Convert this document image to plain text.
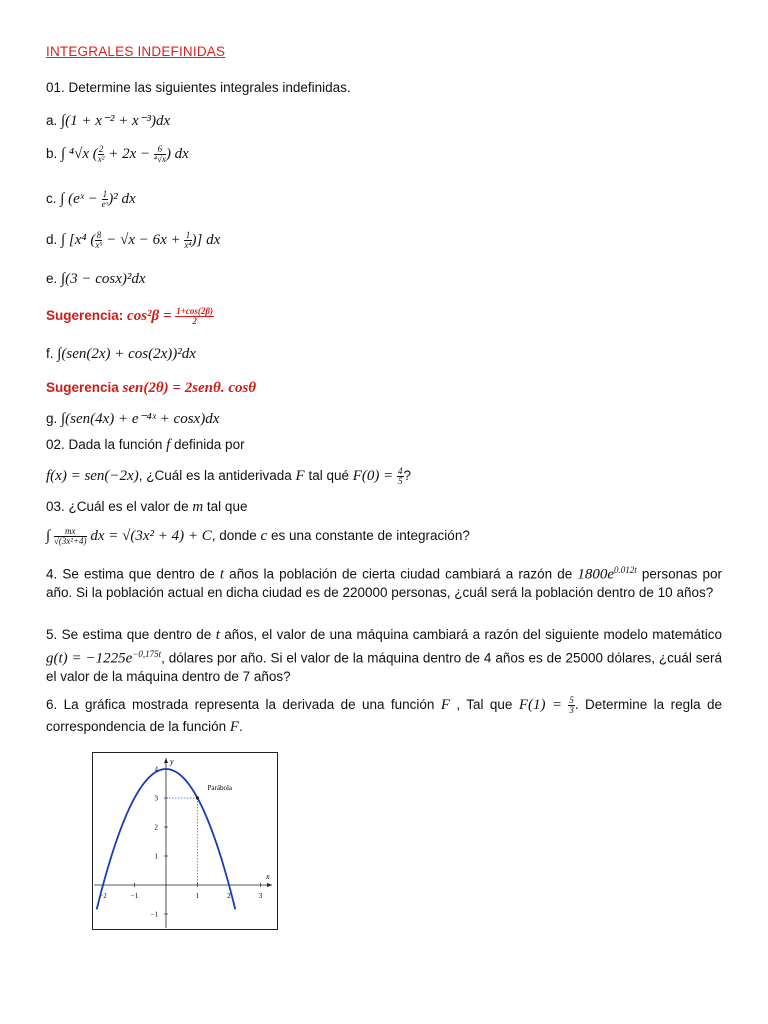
INTEGRALES INDEFINIDAS
01. Determine las siguientes integrales indefinidas.
a. ∫(1 + x⁻² + x⁻³)dx
b. ∫ ⁴√x ( $\frac{2}{\text{x²}} + 2x - \frac{6}{\text{⁴√x}}$ ) dx
c. ∫ (eˣ − $\frac{1}{\text{eˣ}} )^2$ dx
d. ∫ [x⁴ ( $\frac{8}{\text{x⁵}} - √x - 6x + \frac{1}{\text{x⁴}}$ )] dx
e. ∫(3 − cosx)²dx
Sugerencia: $\cos^2\beta = \frac{1+\cos(2\beta)}{2}$
f. ∫(sen(2x) + cos(2x))²dx
Sugerencia sen(2θ) = 2senθ. cosθ
g. ∫(sen(4x) + e⁻⁴ˣ + cosx)dx
02. Dada la función f definida por
f(x) = sen(−2x), ¿Cuál es la antiderivada F tal qué $F(0) = \frac{4}{5}$ ?
03. ¿Cuál es el valor de m tal que
∫ $\frac{mx}{\text{√(3x²+4)}}$ dx = √(3x² + 4) + C, donde c es una constante de integración?
4. Se estima que dentro de t años la población de cierta ciudad cambiará a razón de $1800e^{0.012t}$ personas por año. Si la población actual en dicha ciudad es de 220000 personas, ¿cuál será la población dentro de 10 años?
5. Se estima que dentro de t años, el valor de una máquina cambiará a razón del siguiente modelo matemático $g(t) = -1225e^{-0,175t}$, dólares por año. Si el valor de la máquina dentro de 4 años es de 25000 dólares, ¿cuál será el valor de la máquina dentro de 7 años?
6. La gráfica mostrada representa la derivada de una función F , Tal que $F(1) = \frac{5}{3}$ . Determine la regla de correspondencia de la función F.
x
y
−2	−1	1	2	3
−1
1
2
3
4
Parábola
